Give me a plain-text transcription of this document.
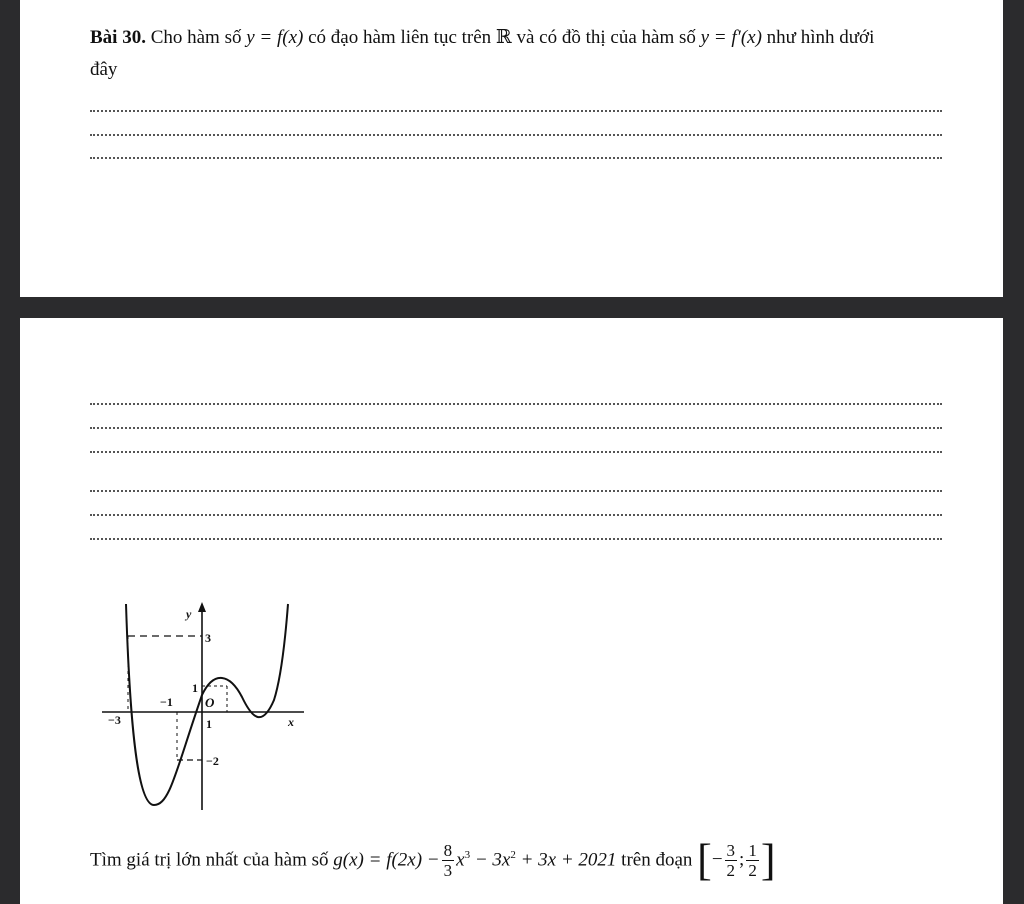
Bài 30. Cho hàm số y = f(x) có đạo hàm liên tục trên ℝ và có đồ thị của hàm số y = f′(x) như hình dưới
đây
y
x
1
−3
−1
3
1
−2
O
Tìm giá trị lớn nhất của hàm số $g(x) = f(2x) - \frac{8}{3} x^3 - 3x^2 + 3x + 2021$ trên đoạn [− $\frac{3}{2}$ ; $\frac{1}{2}$ ]
